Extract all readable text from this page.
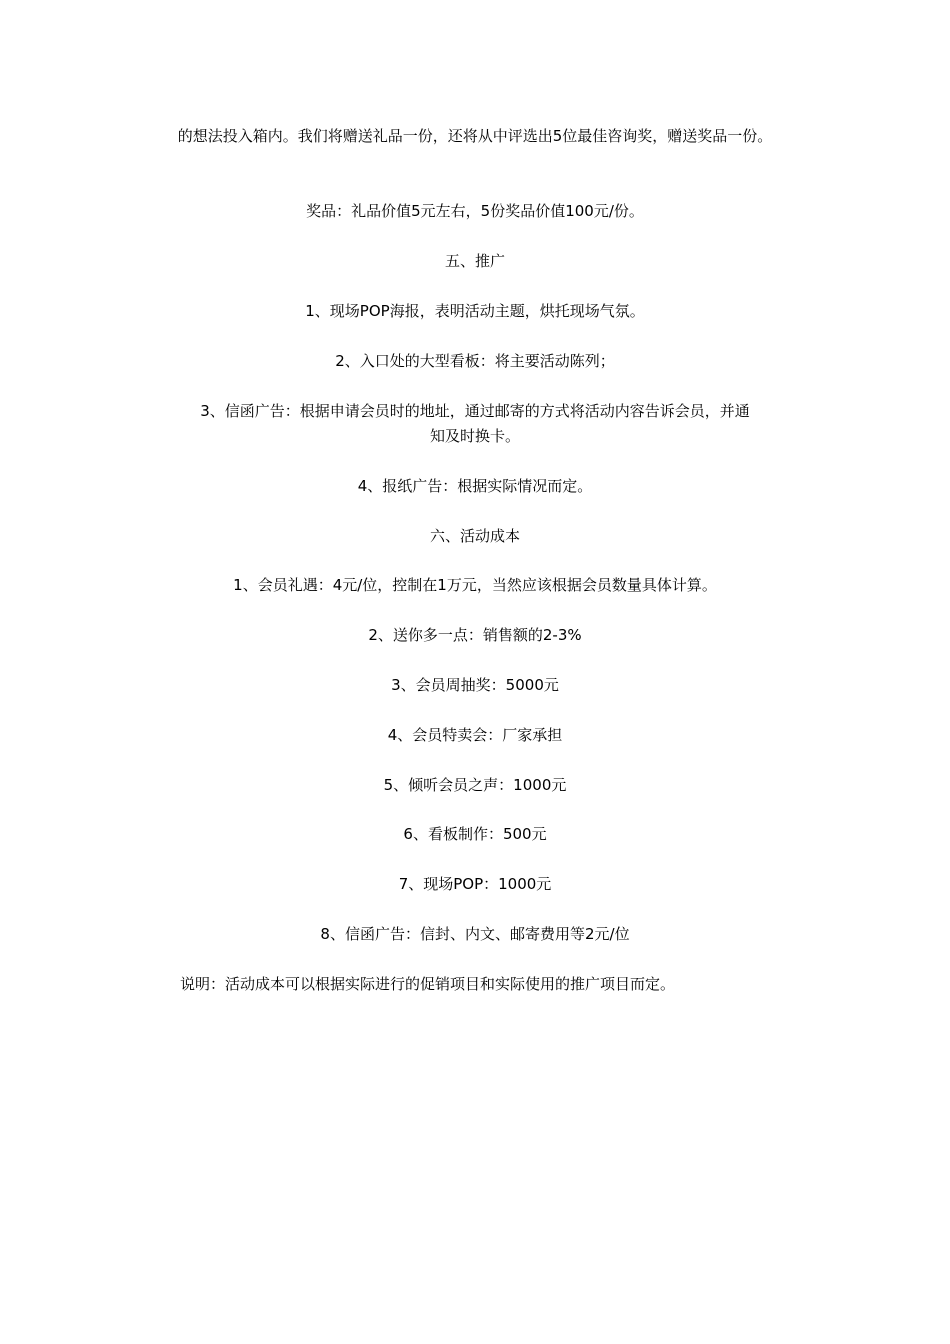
的想法投入箱内。我们将赠送礼品一份，还将从中评选出5位最佳咨询奖，赠送奖品一份。
奖品：礼品价值5元左右，5份奖品价值100元/份。
五、推广
1、现场POP海报，表明活动主题，烘托现场气氛。
2、入口处的大型看板：将主要活动陈列；
3、信函广告：根据申请会员时的地址，通过邮寄的方式将活动内容告诉会员，并通
知及时换卡。
4、报纸广告：根据实际情况而定。
六、活动成本
1、会员礼遇：4元/位，控制在1万元，当然应该根据会员数量具体计算。
2、送你多一点：销售额的2-3%
3、会员周抽奖：5000元
4、会员特卖会：厂家承担
5、倾听会员之声：1000元
6、看板制作：500元
7、现场POP：1000元
8、信函广告：信封、内文、邮寄费用等2元/位
说明：活动成本可以根据实际进行的促销项目和实际使用的推广项目而定。
